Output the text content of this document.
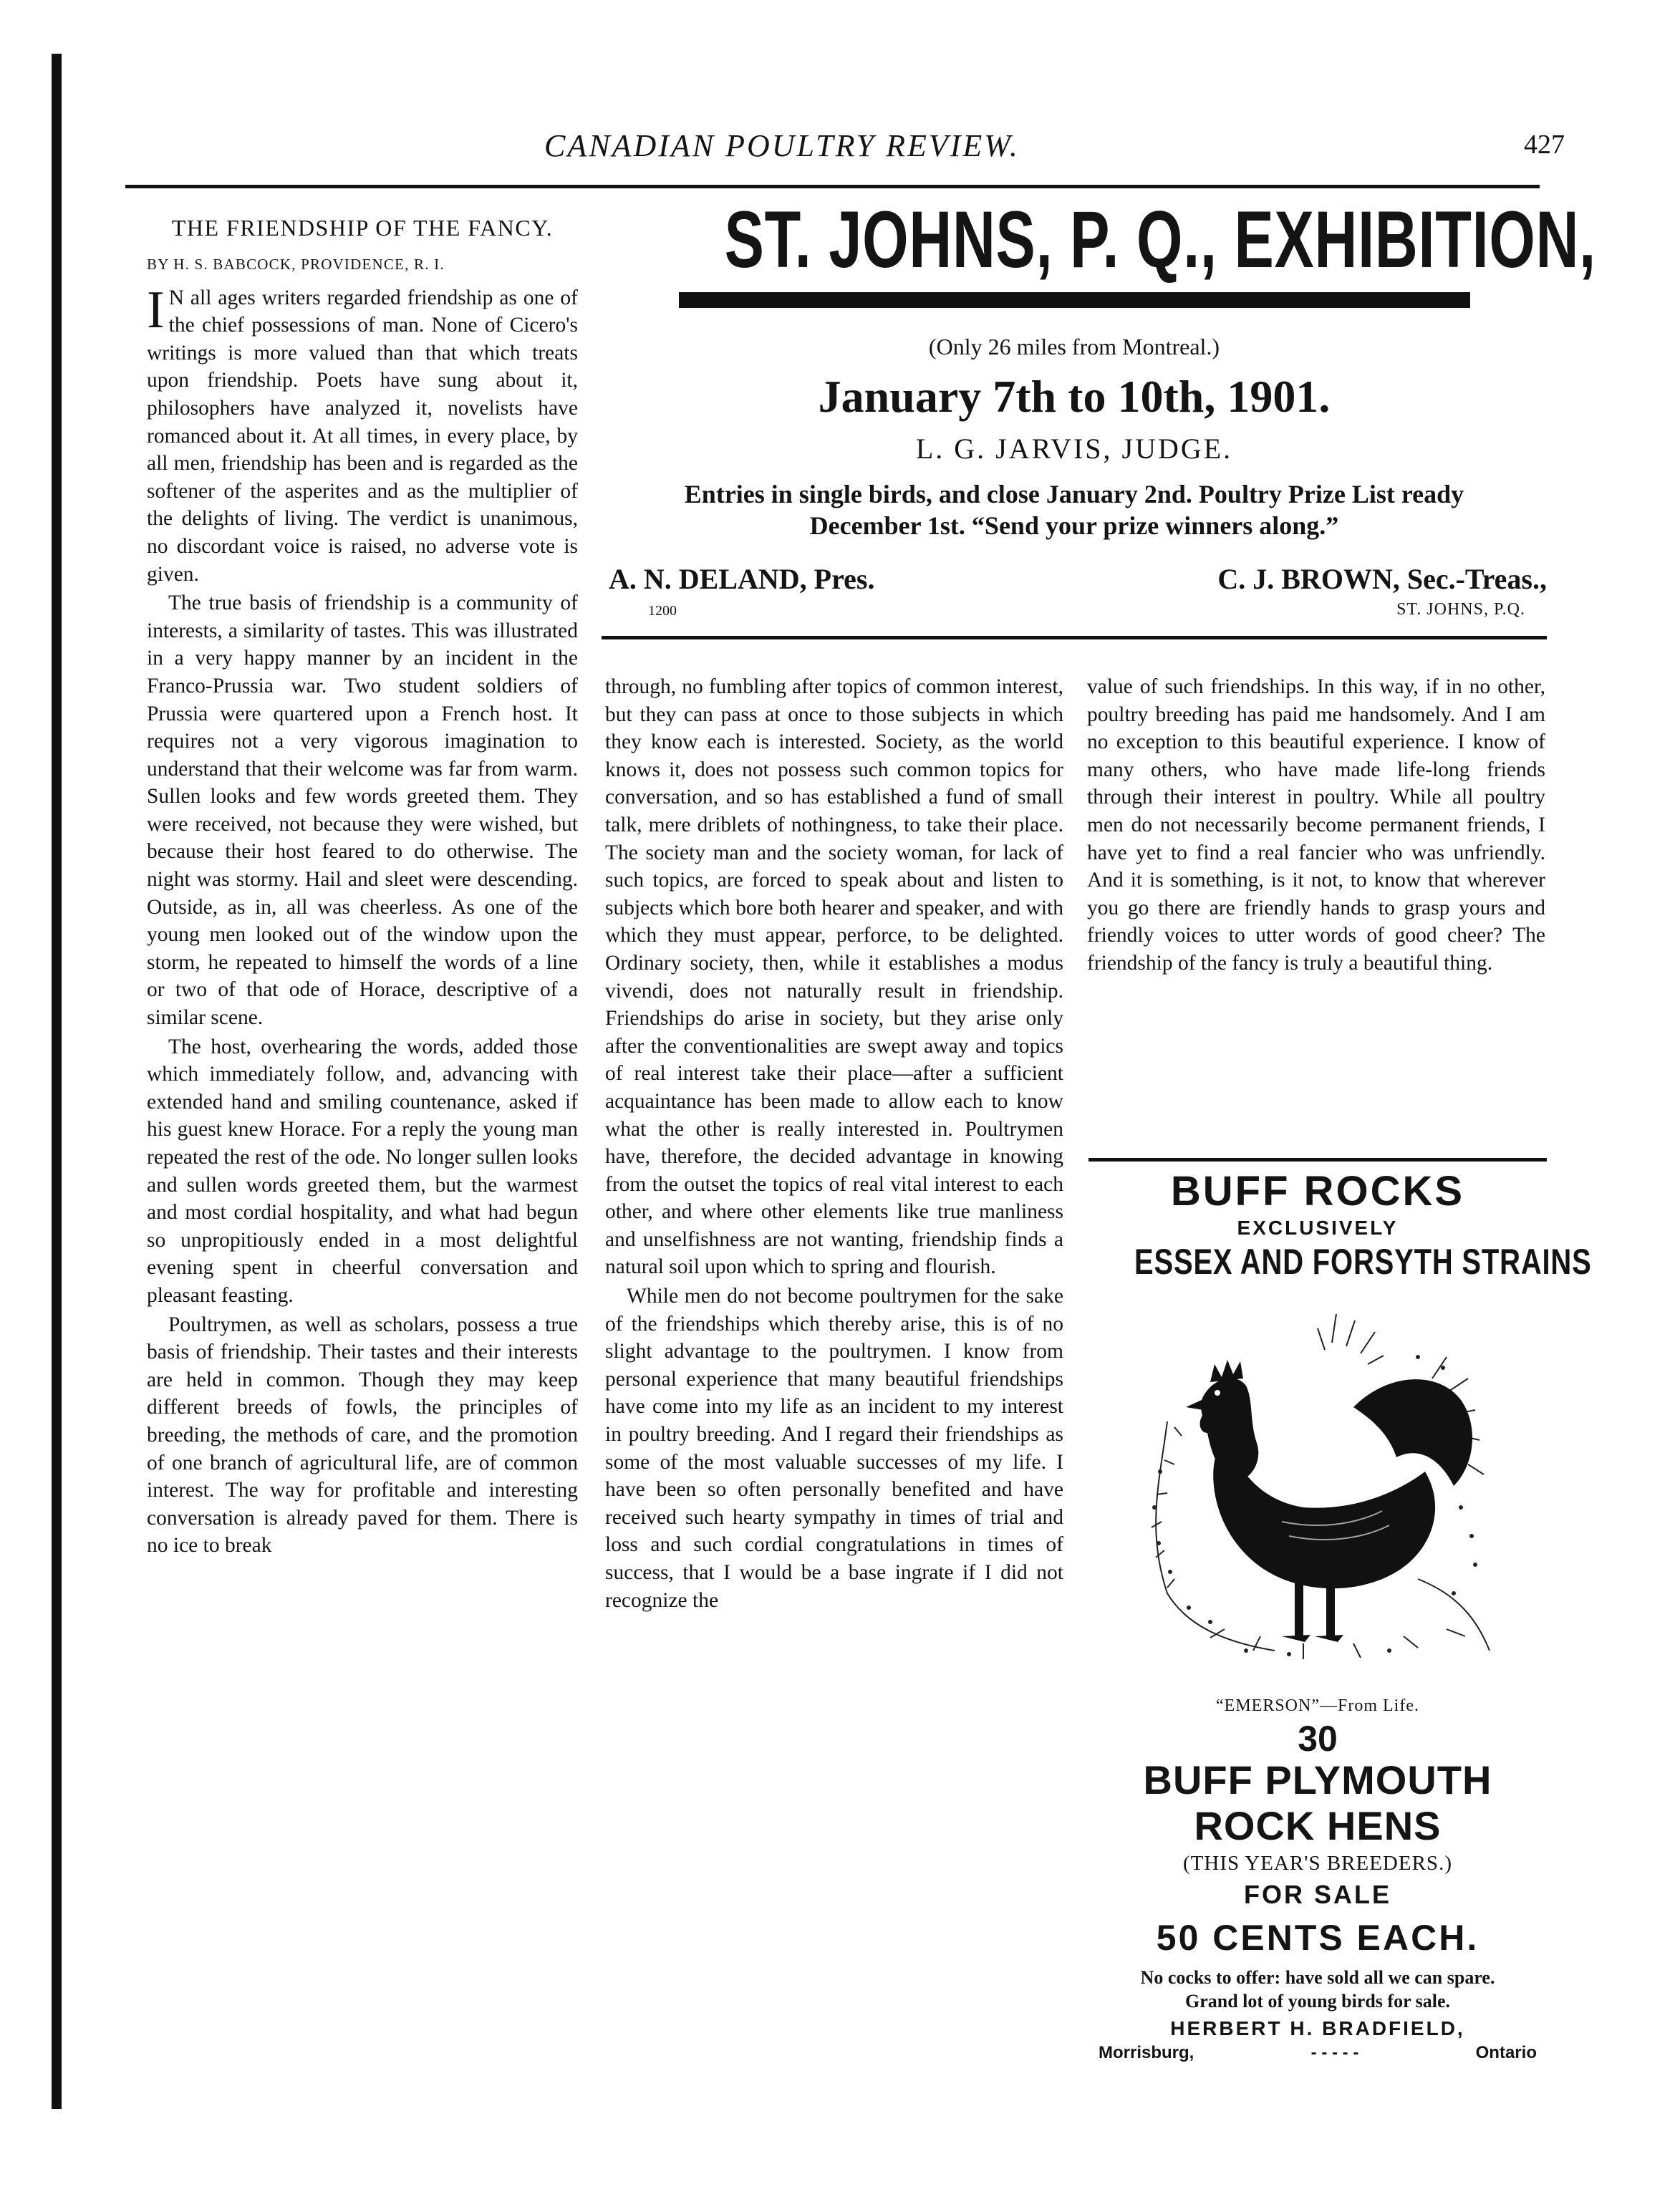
CANADIAN POULTRY REVIEW.	427
THE FRIENDSHIP OF THE FANCY.
BY H. S. BABCOCK, PROVIDENCE, R. I.

I N all ages writers regarded friendship as one of the chief possessions of man. None of Cicero's writings is more valued than that which treats upon friendship. Poets have sung about it, philosophers have analyzed it, novelists have romanced about it. At all times, in every place, by all men, friendship has been and is regarded as the softener of the asperites and as the multiplier of the delights of living. The verdict is unanimous, no discordant voice is raised, no adverse vote is given.

The true basis of friendship is a community of interests, a similarity of tastes. This was illustrated in a very happy manner by an incident in the Franco-Prussia war. Two student soldiers of Prussia were quartered upon a French host. It requires not a very vigorous imagination to understand that their welcome was far from warm. Sullen looks and few words greeted them. They were received, not because they were wished, but because their host feared to do otherwise. The night was stormy. Hail and sleet were descending. Outside, as in, all was cheerless. As one of the young men looked out of the window upon the storm, he repeated to himself the words of a line or two of that ode of Horace, descriptive of a similar scene.

The host, overhearing the words, added those which immediately follow, and, advancing with extended hand and smiling countenance, asked if his guest knew Horace. For a reply the young man repeated the rest of the ode. No longer sullen looks and sullen words greeted them, but the warmest and most cordial hospitality, and what had begun so unpropitiously ended in a most delightful evening spent in cheerful conversation and pleasant feasting.

Poultrymen, as well as scholars, possess a true basis of friendship. Their tastes and their interests are held in common. Though they may keep different breeds of fowls, the principles of breeding, the methods of care, and the promotion of one branch of agricultural life, are of common interest. The way for profitable and interesting conversation is already paved for them. There is no ice to break

ST. JOHNS, P. Q., EXHIBITION,
(Only 26 miles from Montreal.)
January 7th to 10th, 1901.
L. G. JARVIS, JUDGE.
Entries in single birds, and close January 2nd. Poultry Prize List ready
December 1st. “Send your prize winners along.”
A. N. DELAND, Pres.	C. J. BROWN, Sec.-Treas.,
1200	ST. JOHNS, P.Q.

through, no fumbling after topics of common interest, but they can pass at once to those subjects in which they know each is interested. Society, as the world knows it, does not possess such common topics for conversation, and so has established a fund of small talk, mere driblets of nothingness, to take their place. The society man and the society woman, for lack of such topics, are forced to speak about and listen to subjects which bore both hearer and speaker, and with which they must appear, perforce, to be delighted. Ordinary society, then, while it establishes a modus vivendi, does not naturally result in friendship. Friendships do arise in society, but they arise only after the conventionalities are swept away and topics of real interest take their place—after a sufficient acquaintance has been made to allow each to know what the other is really interested in. Poultrymen have, therefore, the decided advantage in knowing from the outset the topics of real vital interest to each other, and where other elements like true manliness and unselfishness are not wanting, friendship finds a natural soil upon which to spring and flourish.

While men do not become poultrymen for the sake of the friendships which thereby arise, this is of no slight advantage to the poultrymen. I know from personal experience that many beautiful friendships have come into my life as an incident to my interest in poultry breeding. And I regard their friendships as some of the most valuable successes of my life. I have been so often personally benefited and have received such hearty sympathy in times of trial and loss and such cordial congratulations in times of success, that I would be a base ingrate if I did not recognize the

value of such friendships. In this way, if in no other, poultry breeding has paid me handsomely. And I am no exception to this beautiful experience. I know of many others, who have made life-long friends through their interest in poultry. While all poultry men do not necessarily become permanent friends, I have yet to find a real fancier who was unfriendly. And it is something, is it not, to know that wherever you go there are friendly hands to grasp yours and friendly voices to utter words of good cheer? The friendship of the fancy is truly a beautiful thing.

BUFF ROCKS
EXCLUSIVELY
ESSEX AND FORSYTH STRAINS
“EMERSON”—From Life.
30
BUFF PLYMOUTH
ROCK HENS
(THIS YEAR'S BREEDERS.)
FOR SALE
50 CENTS EACH.
No cocks to offer: have sold all we can spare.
Grand lot of young birds for sale.
HERBERT H. BRADFIELD,
Morrisburg,	- - - - -	Ontario
